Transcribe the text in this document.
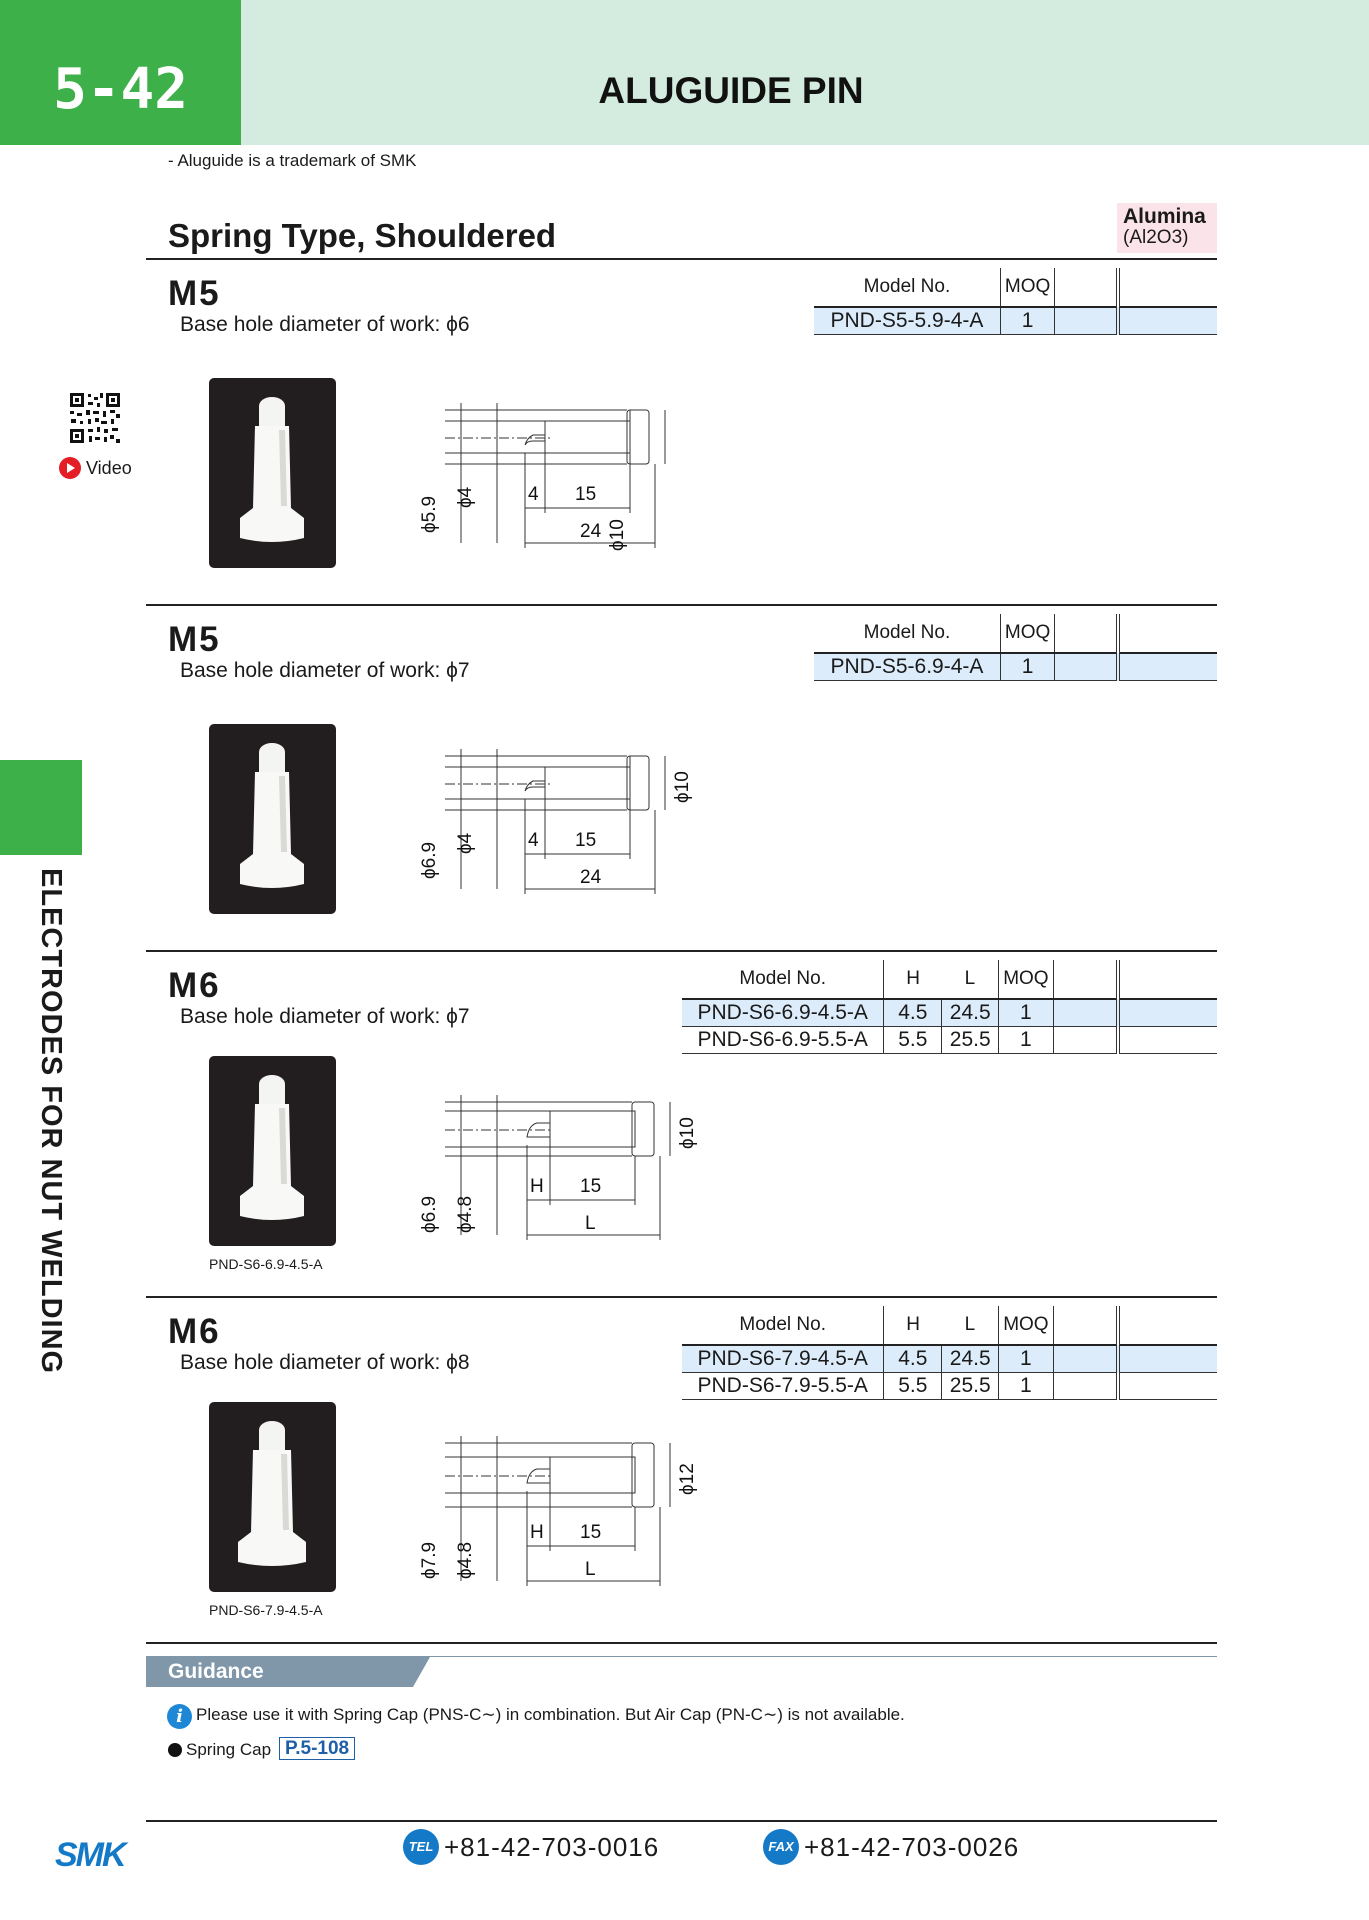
5-42	ALUGUIDE PIN
- Aluguide is a trademark of SMK
Spring Type, Shouldered
Alumina
(Al2O3)
Video
ELECTRODES FOR NUT WELDING
M5
Base hole diameter of work: ϕ6
Model No.	MOQ		
PND-S5-5.9-4-A	1		
ϕ10
ϕ5.9 ϕ4	4 15
24
M5
Base hole diameter of work: ϕ7
Model No.	MOQ		
PND-S5-6.9-4-A	1		
ϕ10
ϕ6.9 ϕ4	4 15
24
M6
Base hole diameter of work: ϕ7
Model No.	H	L	MOQ		
PND-S6-6.9-4.5-A	4.5	24.5	1		
PND-S6-6.9-5.5-A	5.5	25.5	1		
PND-S6-6.9-4.5-A
ϕ10
ϕ6.9 ϕ4.8
H 15
L
M6
Base hole diameter of work: ϕ8
Model No.	H	L	MOQ		
PND-S6-7.9-4.5-A	4.5	24.5	1		
PND-S6-7.9-5.5-A	5.5	25.5	1		
PND-S6-7.9-4.5-A
ϕ12
ϕ7.9 ϕ4.8
H 15
L
Guidance
i Please use it with Spring Cap (PNS-C∼) in combination. But Air Cap (PN-C∼) is not available.
Spring Cap P.5-108
SMK	TEL +81-42-703-0016	FAX +81-42-703-0026
